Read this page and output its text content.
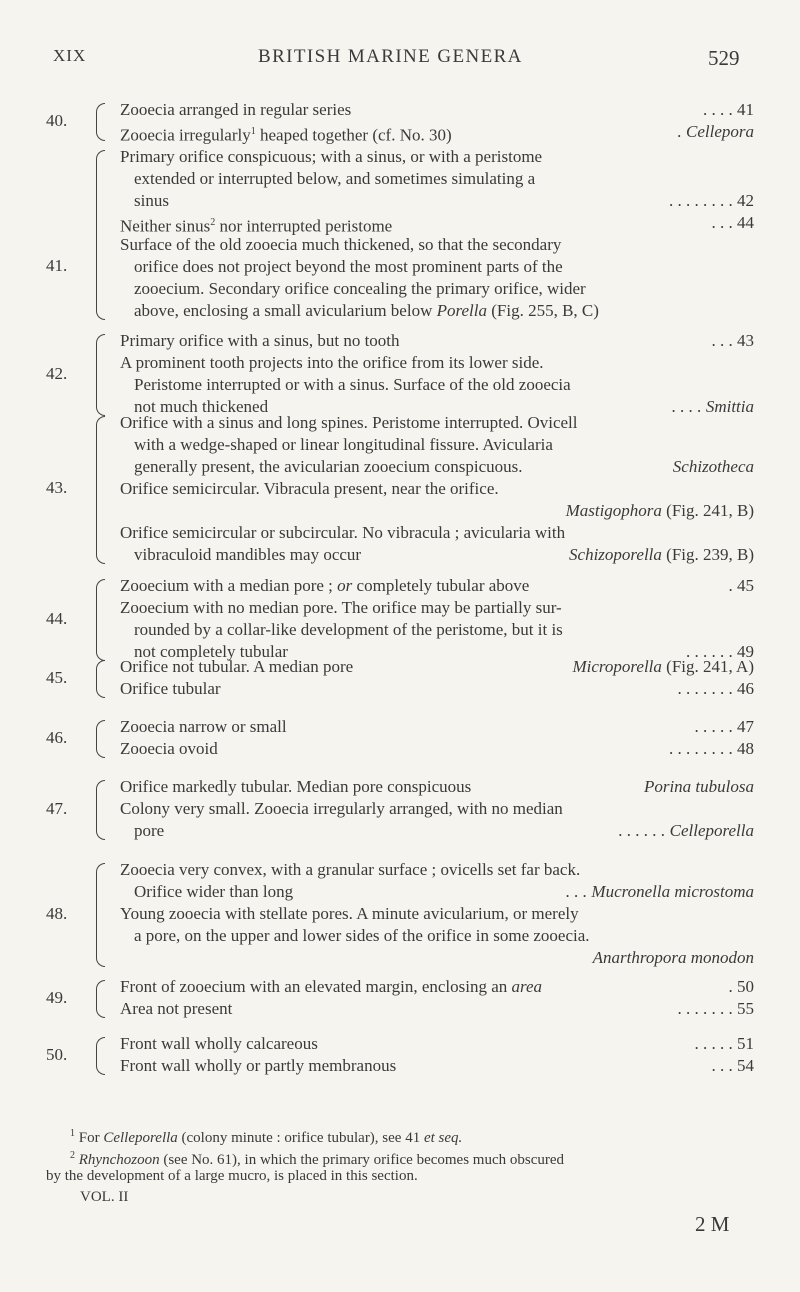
XIX	BRITISH MARINE GENERA	529
40.
Zooecia arranged in regular series	. . . . 41
Zooecia irregularly$^1$ heaped together (cf. No. 30)	. Cellepora
41.
Primary orifice conspicuous; with a sinus, or with a peristome
extended or interrupted below, and sometimes simulating a
sinus	. . . . . . . . 42
Neither sinus$^2$ nor interrupted peristome	. . . 44
Surface of the old zooecia much thickened, so that the secondary
orifice does not project beyond the most prominent parts of the
zooecium. Secondary orifice concealing the primary orifice, wider
above, enclosing a small avicularium below Porella (Fig. 255, B, C)
42.
Primary orifice with a sinus, but no tooth	. . . 43
A prominent tooth projects into the orifice from its lower side.
Peristome interrupted or with a sinus. Surface of the old zooecia
not much thickened	. . . . Smittia
43.
Orifice with a sinus and long spines. Peristome interrupted. Ovicell
with a wedge-shaped or linear longitudinal fissure. Avicularia
generally present, the avicularian zooecium conspicuous.	Schizotheca
Orifice semicircular. Vibracula present, near the orifice.
Mastigophora (Fig. 241, B)
Orifice semicircular or subcircular. No vibracula ; avicularia with
vibraculoid mandibles may occur	Schizoporella (Fig. 239, B)
44.
Zooecium with a median pore ; or completely tubular above	. 45
Zooecium with no median pore. The orifice may be partially sur-
rounded by a collar-like development of the peristome, but it is
not completely tubular	. . . . . . 49
45.
Orifice not tubular. A median pore	Microporella (Fig. 241, A)
Orifice tubular	. . . . . . . 46
46.
Zooecia narrow or small	. . . . . 47
Zooecia ovoid	. . . . . . . . 48
47.
Orifice markedly tubular. Median pore conspicuous	Porina tubulosa
Colony very small. Zooecia irregularly arranged, with no median
pore	. . . . . . Celleporella
48.
Zooecia very convex, with a granular surface ; ovicells set far back.
Orifice wider than long	. . . Mucronella microstoma
Young zooecia with stellate pores. A minute avicularium, or merely
a pore, on the upper and lower sides of the orifice in some zooecia.
Anarthropora monodon
49.
Front of zooecium with an elevated margin, enclosing an area	. 50
Area not present	. . . . . . . 55
50.
Front wall wholly calcareous	. . . . . 51
Front wall wholly or partly membranous	. . . 54
$^1$ For Celleporella (colony minute : orifice tubular), see 41 et seq.
$^2$ Rhynchozoon (see No. 61), in which the primary orifice becomes much obscured
by the development of a large mucro, is placed in this section.
VOL. II
2 M
